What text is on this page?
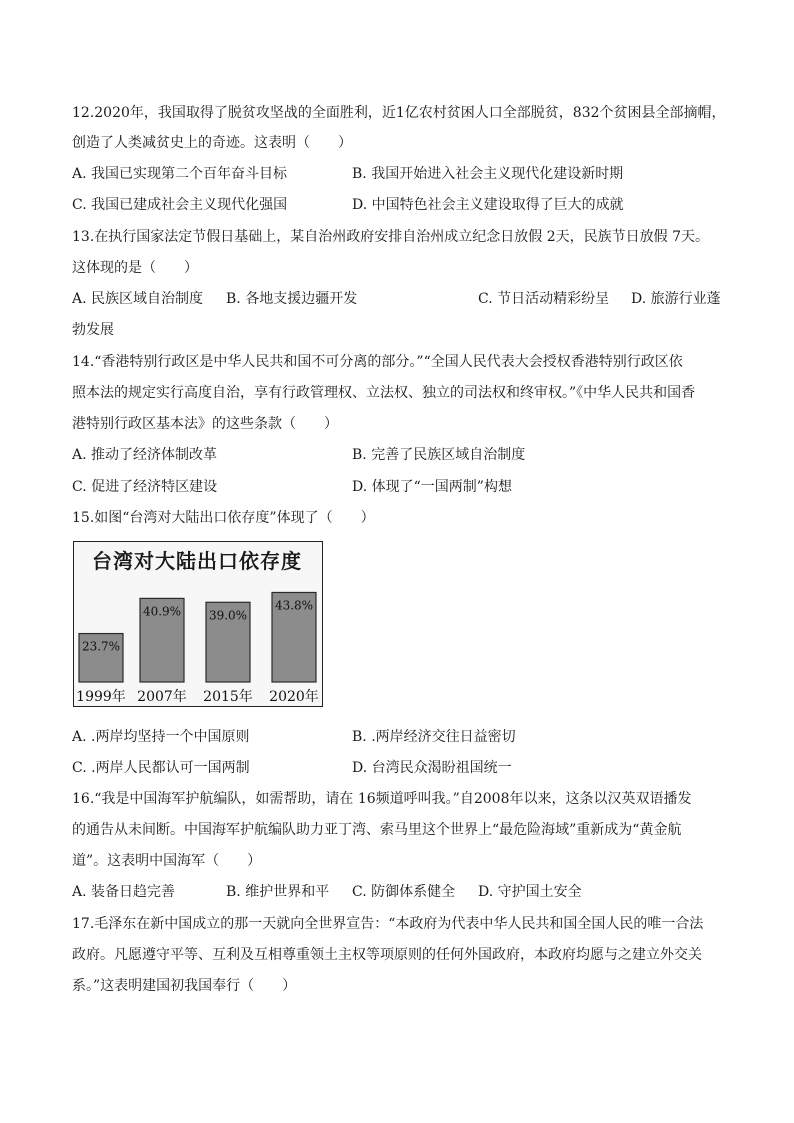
12.2020年，我国取得了脱贫攻坚战的全面胜利，近1亿农村贫困人口全部脱贫，832个贫困县全部摘帽，
创造了人类减贫史上的奇迹。这表明（　　）
A. 我国已实现第二个百年奋斗目标	B. 我国开始进入社会主义现代化建设新时期
C. 我国已建成社会主义现代化强国	D. 中国特色社会主义建设取得了巨大的成就
13.在执行国家法定节假日基础上，某自治州政府安排自治州成立纪念日放假 2天，民族节日放假 7天。
这体现的是（　　）
A. 民族区域自治制度 B. 各地支援边疆开发	C. 节日活动精彩纷呈 D. 旅游行业蓬
勃发展
14.“香港特别行政区是中华人民共和国不可分离的部分。”“全国人民代表大会授权香港特别行政区依
照本法的规定实行高度自治，享有行政管理权、立法权、独立的司法权和终审权。”《中华人民共和国香
港特别行政区基本法》的这些条款（　　）
A. 推动了经济体制改革	B. 完善了民族区域自治制度
C. 促进了经济特区建设	D. 体现了“一国两制”构想
15.如图“台湾对大陆出口依存度”体现了（　　）
台湾对大陆出口依存度
23.7%
1999年
40.9%
2007年
39.0%
2015年
43.8%
2020年
A. .两岸均坚持一个中国原则	B. .两岸经济交往日益密切
C. .两岸人民都认可一国两制	D. 台湾民众渴盼祖国统一
16.“我是中国海军护航编队，如需帮助，请在 16频道呼叫我。”自2008年以来，这条以汉英双语播发
的通告从未间断。中国海军护航编队助力亚丁湾、索马里这个世界上“最危险海域”重新成为“黄金航
道”。这表明中国海军（　　）
A. 装备日趋完善	B. 维护世界和平 C. 防御体系健全 D. 守护国土安全
17.毛泽东在新中国成立的那一天就向全世界宣告：“本政府为代表中华人民共和国全国人民的唯一合法
政府。凡愿遵守平等、互利及互相尊重领土主权等项原则的任何外国政府，本政府均愿与之建立外交关
系。”这表明建国初我国奉行（　　）
